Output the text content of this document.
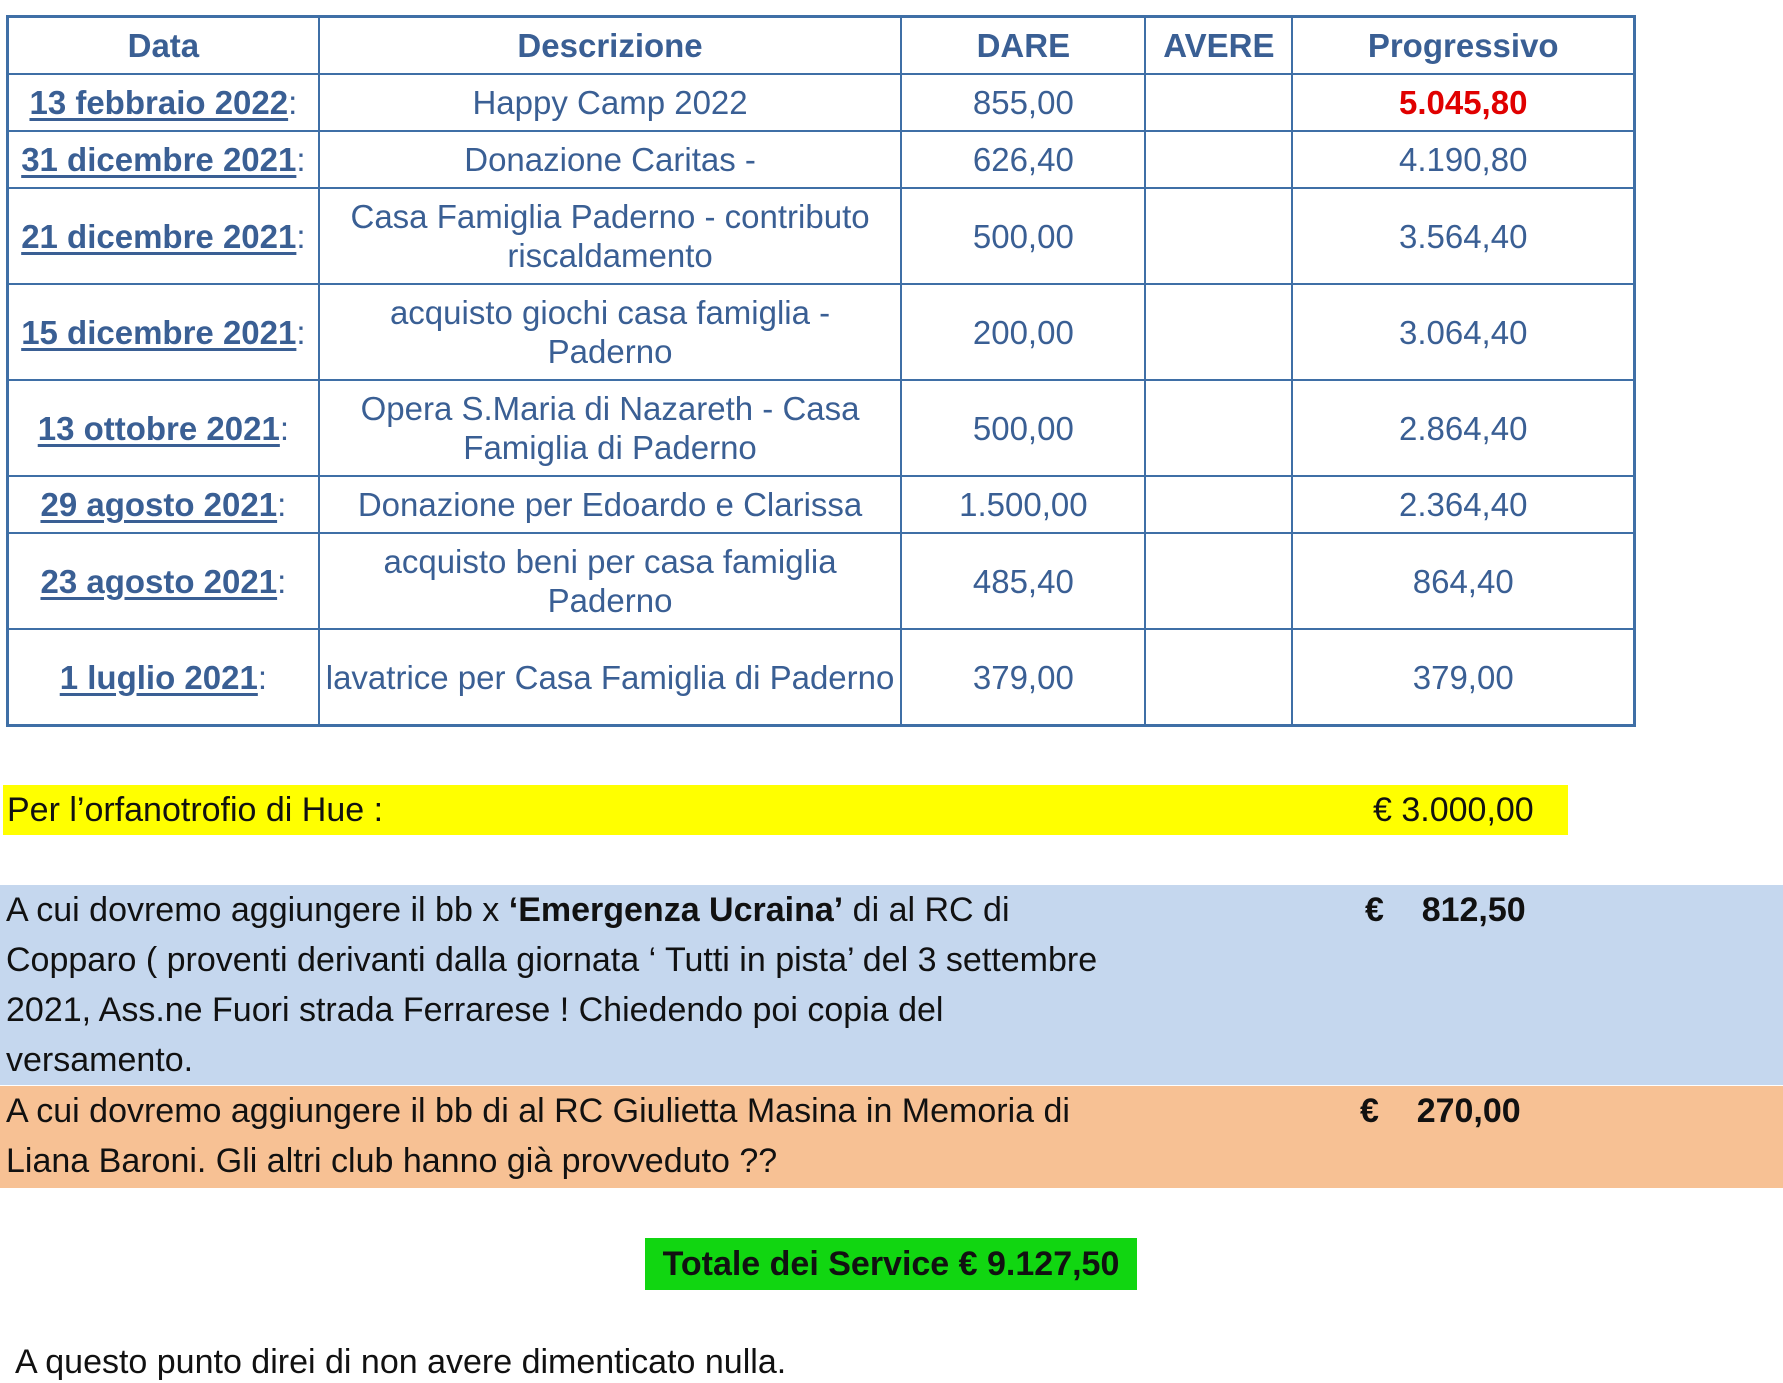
Data	Descrizione	DARE	AVERE	Progressivo
13 febbraio 2022:	Happy Camp 2022	855,00		5.045,80
31 dicembre 2021:	Donazione Caritas -	626,40		4.190,80
21 dicembre 2021:	Casa Famiglia Paderno - contributo riscaldamento	500,00		3.564,40
15 dicembre 2021:	acquisto giochi casa famiglia - Paderno	200,00		3.064,40
13 ottobre 2021:	Opera S.Maria di Nazareth - Casa Famiglia di Paderno	500,00		2.864,40
29 agosto 2021:	Donazione per Edoardo e Clarissa	1.500,00		2.364,40
23 agosto 2021:	acquisto beni per casa famiglia Paderno	485,40		864,40
1 luglio 2021:	lavatrice per Casa Famiglia di Paderno	379,00		379,00
Per l’orfanotrofio di Hue :	€ 3.000,00
A cui dovremo aggiungere il bb x ‘Emergenza Ucraina’ di al RC di Copparo ( proventi derivanti dalla giornata ‘ Tutti in pista’ del 3 settembre 2021, Ass.ne Fuori strada Ferrarese ! Chiedendo poi copia del versamento.
€    812,50
A cui dovremo aggiungere il bb di al RC Giulietta Masina in Memoria di Liana Baroni. Gli altri club hanno già provveduto ??
€    270,00
Totale dei Service € 9.127,50
A questo punto direi di non avere dimenticato nulla.
